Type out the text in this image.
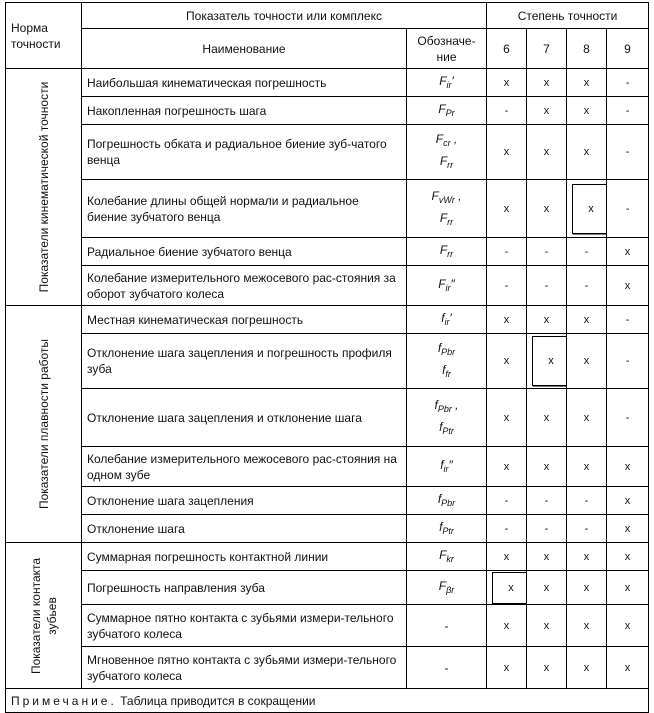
Норма точности	Показатель точности или комплекс		Степень точности			
	Наименование	Обозначе-ние	6	7	8	9

Показатели кинематической точности	Наибольшая кинематическая погрешность	$F_{ir}'$	x	x	x	-
	Накопленная погрешность шага	$F_{Pr}$	-	x	x	-
	Погрешность обката и радиальное биение зуб-чатого венца	$F_{cr}$ ,
$F_{rr}$	x	x	x	-
	Колебание длины общей нормали и радиальное биение зубчатого венца	$F_{vWr}$ ,
$F_{rr}$	x	x	x	-
	Радиальное биение зубчатого венца	$F_{rr}$	-	-	-	x
	Колебание измерительного межосевого рас-стояния за оборот зубчатого колеса	$F_{ir}''$	-	-	-	x

Показатели плавности работы	Местная кинематическая погрешность	$f_{ir}'$	x	x	x	-
	Отклонение шага зацепления и погрешность профиля зуба	$f_{Pbr}$
$f_{fr}$	x	x	x	-
	Отклонение шага зацепления и отклонение шага	$f_{Pbr}$ ,
$f_{Ptr}$	x	x	x	-
	Колебание измерительного межосевого рас-стояния на одном зубе	$f_{ir}''$	x	x	x	x
	Отклонение шага зацепления	$f_{Pbr}$	-	-	-	x
	Отклонение шага	$f_{Ptr}$	-	-	-	x

Показатели контакта зубьев	Суммарная погрешность контактной линии	$F_{kr}$	x	x	x	x
	Погрешность направления зуба	$F_{\beta r}$	x	x	x	x
	Суммарное пятно контакта с зубьями измери-тельного зубчатого колеса	-	x	x	x	x
	Мгновенное пятно контакта с зубьями измери-тельного зубчатого колеса	-	x	x	x	x
Примечание. Таблица приводится в сокращении						
